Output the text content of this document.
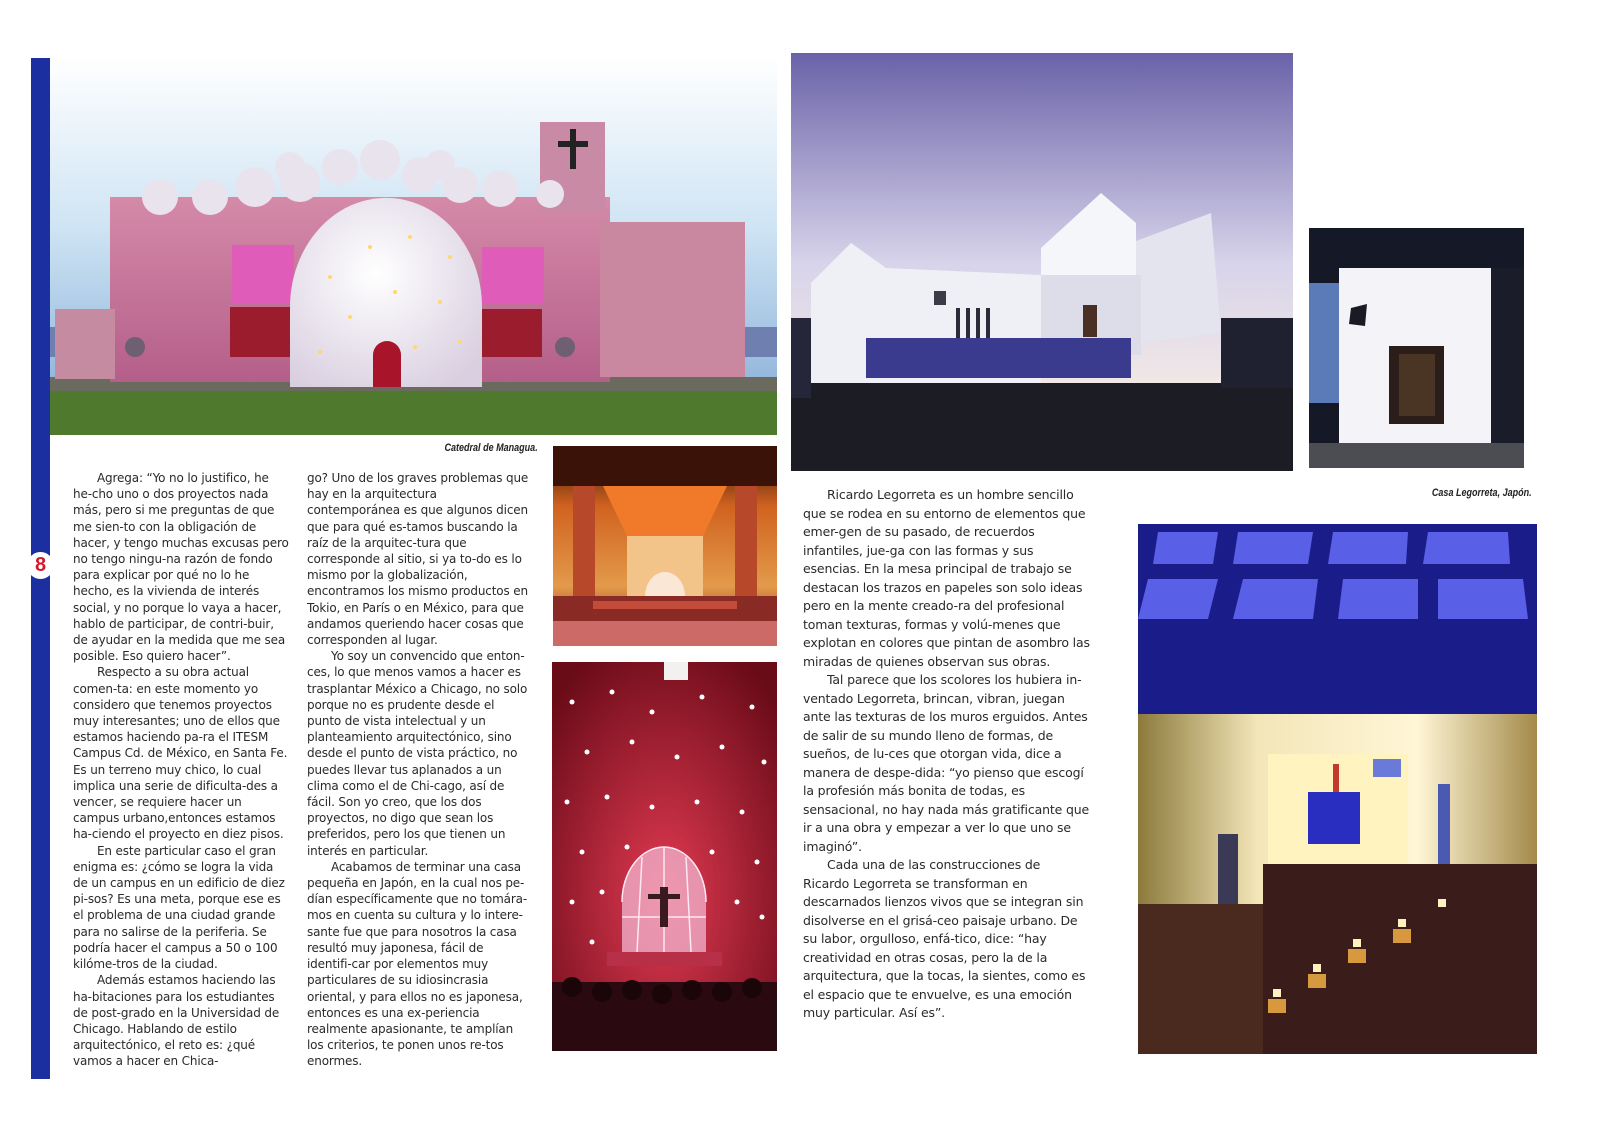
8
Catedral de Managua.
Casa Legorreta, Japón.

Agrega: “Yo no lo justifico, he he-cho uno o dos proyectos nada más, pero si me preguntas de que me sien-to con la obligación de hacer, y tengo muchas excusas pero no tengo ningu-na razón de fondo para explicar por qué no lo he hecho, es la vivienda de interés social, y no porque lo vaya a hacer, hablo de participar, de contri-buir, de ayudar en la medida que me sea posible. Eso quiero hacer”.

Respecto a su obra actual comen-ta: en este momento yo considero que tenemos proyectos muy interesantes; uno de ellos que estamos haciendo pa-ra el ITESM Campus Cd. de México, en Santa Fe. Es un terreno muy chico, lo cual implica una serie de dificulta-des a vencer, se requiere hacer un campus urbano,entonces estamos ha-ciendo el proyecto en diez pisos.

En este particular caso el gran enigma es: ¿cómo se logra la vida de un campus en un edificio de diez pi-sos? Es una meta, porque ese es el problema de una ciudad grande para no salirse de la periferia. Se podría hacer el campus a 50 o 100 kilóme-tros de la ciudad.

Además estamos haciendo las ha-bitaciones para los estudiantes de post-grado en la Universidad de Chicago. Hablando de estilo arquitectónico, el reto es: ¿qué vamos a hacer en Chica-

go? Uno de los graves problemas que hay en la arquitectura contemporánea es que algunos dicen que para qué es-tamos buscando la raíz de la arquitec-tura que corresponde al sitio, si ya to-do es lo mismo por la globalización, encontramos los mismo productos en Tokio, en París o en México, para que andamos queriendo hacer cosas que corresponden al lugar.

Yo soy un convencido que enton-ces, lo que menos vamos a hacer es trasplantar México a Chicago, no solo porque no es prudente desde el punto de vista intelectual y un planteamiento arquitectónico, sino desde el punto de vista práctico, no puedes llevar tus aplanados a un clima como el de Chi-cago, así de fácil. Son yo creo, que los dos proyectos, no digo que sean los preferidos, pero los que tienen un interés en particular.

Acabamos de terminar una casa pequeña en Japón, en la cual nos pe-dían específicamente que no tomára-mos en cuenta su cultura y lo intere-sante fue que para nosotros la casa resultó muy japonesa, fácil de identifi-car por elementos muy particulares de su idiosincrasia oriental, y para ellos no es japonesa, entonces es una ex-periencia realmente apasionante, te amplían los criterios, te ponen unos re-tos enormes.

Ricardo Legorreta es un hombre sencillo que se rodea en su entorno de elementos que emer-gen de su pasado, de recuerdos infantiles, jue-ga con las formas y sus esencias. En la mesa principal de trabajo se destacan los trazos en papeles son solo ideas pero en la mente creado-ra del profesional toman texturas, formas y volú-menes que explotan en colores que pintan de asombro las miradas de quienes observan sus obras.

Tal parece que los scolores los hubiera in-ventado Legorreta, brincan, vibran, juegan ante las texturas de los muros erguidos. Antes de salir de su mundo lleno de formas, de sueños, de lu-ces que otorgan vida, dice a manera de despe-dida: “yo pienso que escogí la profesión más bonita de todas, es sensacional, no hay nada más gratificante que ir a una obra y empezar a ver lo que uno se imaginó”.

Cada una de las construcciones de Ricardo Legorreta se transforman en descarnados lienzos vivos que se integran sin disolverse en el grisá-ceo paisaje urbano. De su labor, orgulloso, enfá-tico, dice: “hay creatividad en otras cosas, pero la de la arquitectura, que la tocas, la sientes, como es el espacio que te envuelve, es una emoción muy particular. Así es”.
